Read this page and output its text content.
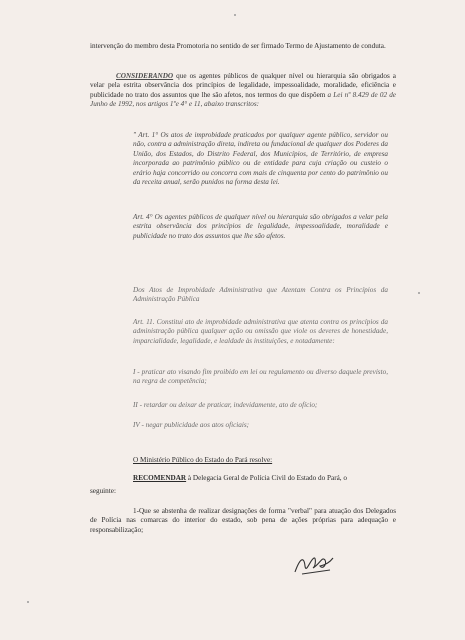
intervenção do membro desta Promotoria no sentido de ser firmado Termo de Ajustamento de conduta.

CONSIDERANDO que os agentes públicos de qualquer nível ou hierarquia são obrigados a velar pela estrita observância dos princípios de legalidade, impessoalidade, moralidade, eficiência e publicidade no trato dos assuntos que lhe são afetos, nos termos do que dispõem a Lei nº 8.429 de 02 de Junho de 1992, nos artigos 1ºe 4° e 11, abaixo transcritos:

" Art. 1° Os atos de improbidade praticados por qualquer agente público, servidor ou não, contra a administração direta, indireta ou fundacional de qualquer dos Poderes da União, dos Estados, do Distrito Federal, dos Municípios, de Território, de empresa incorporada ao patrimônio público ou de entidade para cuja criação ou custeio o erário haja concorrido ou concorra com mais de cinquenta por cento do patrimônio ou da receita anual, serão punidos na forma desta lei.

Art. 4° Os agentes públicos de qualquer nível ou hierarquia são obrigados a velar pela estrita observância dos princípios de legalidade, impessoalidade, moralidade e publicidade no trato dos assuntos que lhe são afetos.

Dos Atos de Improbidade Administrativa que Atentam Contra os Princípios da Administração Pública

Art. 11. Constitui ato de improbidade administrativa que atenta contra os princípios da administração pública qualquer ação ou omissão que viole os deveres de honestidade, imparcialidade, legalidade, e lealdade às instituições, e notadamente:

I - praticar ato visando fim proibido em lei ou regulamento ou diverso daquele previsto, na regra de competência;

II - retardar ou deixar de praticar, indevidamente, ato de ofício;

IV - negar publicidade aos atos oficiais;

O Ministério Público do Estado do Pará resolve:

RECOMENDAR à Delegacia Geral de Polícia Civil do Estado do Pará, o

seguinte:

1-Que se abstenha de realizar designações de forma "verbal" para atuação dos Delegados de Polícia nas comarcas do interior do estado, sob pena de ações próprias para adequação e responsabilização;
